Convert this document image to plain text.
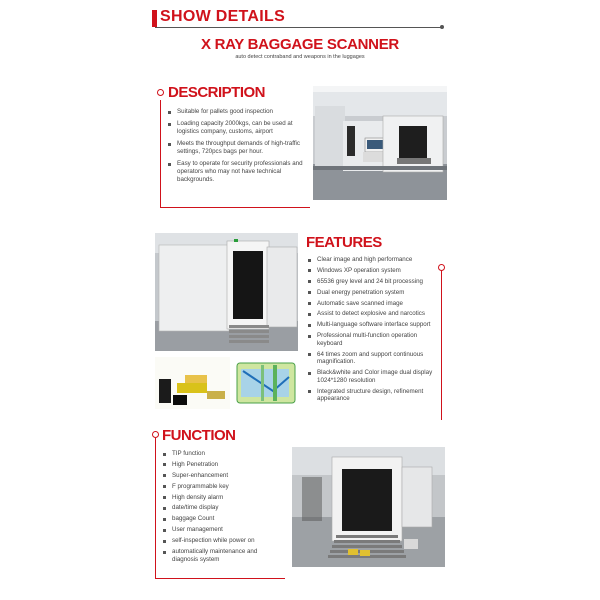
SHOW DETAILS
X RAY BAGGAGE SCANNER
auto detect contraband and weapons in the luggages
DESCRIPTION
Suitable for pallets good inspection
Loading capacity 2000kgs, can be used at logistics company, customs, airport
Meets the throughput demands of high-traffic settings, 720pcs bags per hour.
Easy to operate for security professionals and operators who may not have technical backgrounds.
FEATURES
Clear image and high performance
Windows XP operation system
65536 grey level and 24 bit processing
Dual energy penetration system
Automatic save scanned image
Assist to detect explosive and narcotics
Multi-language software interface support
Professional multi-function operation keyboard
64 times zoom and support continuous magnification.
Black&white and Color image dual display 1024*1280 resolution
Integrated structure design, refinement appearance
FUNCTION
TIP function
High Penetration
Super-enhancement
F programmable key
High density alarm
date/time display
baggage Count
User management
self-inspection while power on
automatically maintenance and diagnosis system
